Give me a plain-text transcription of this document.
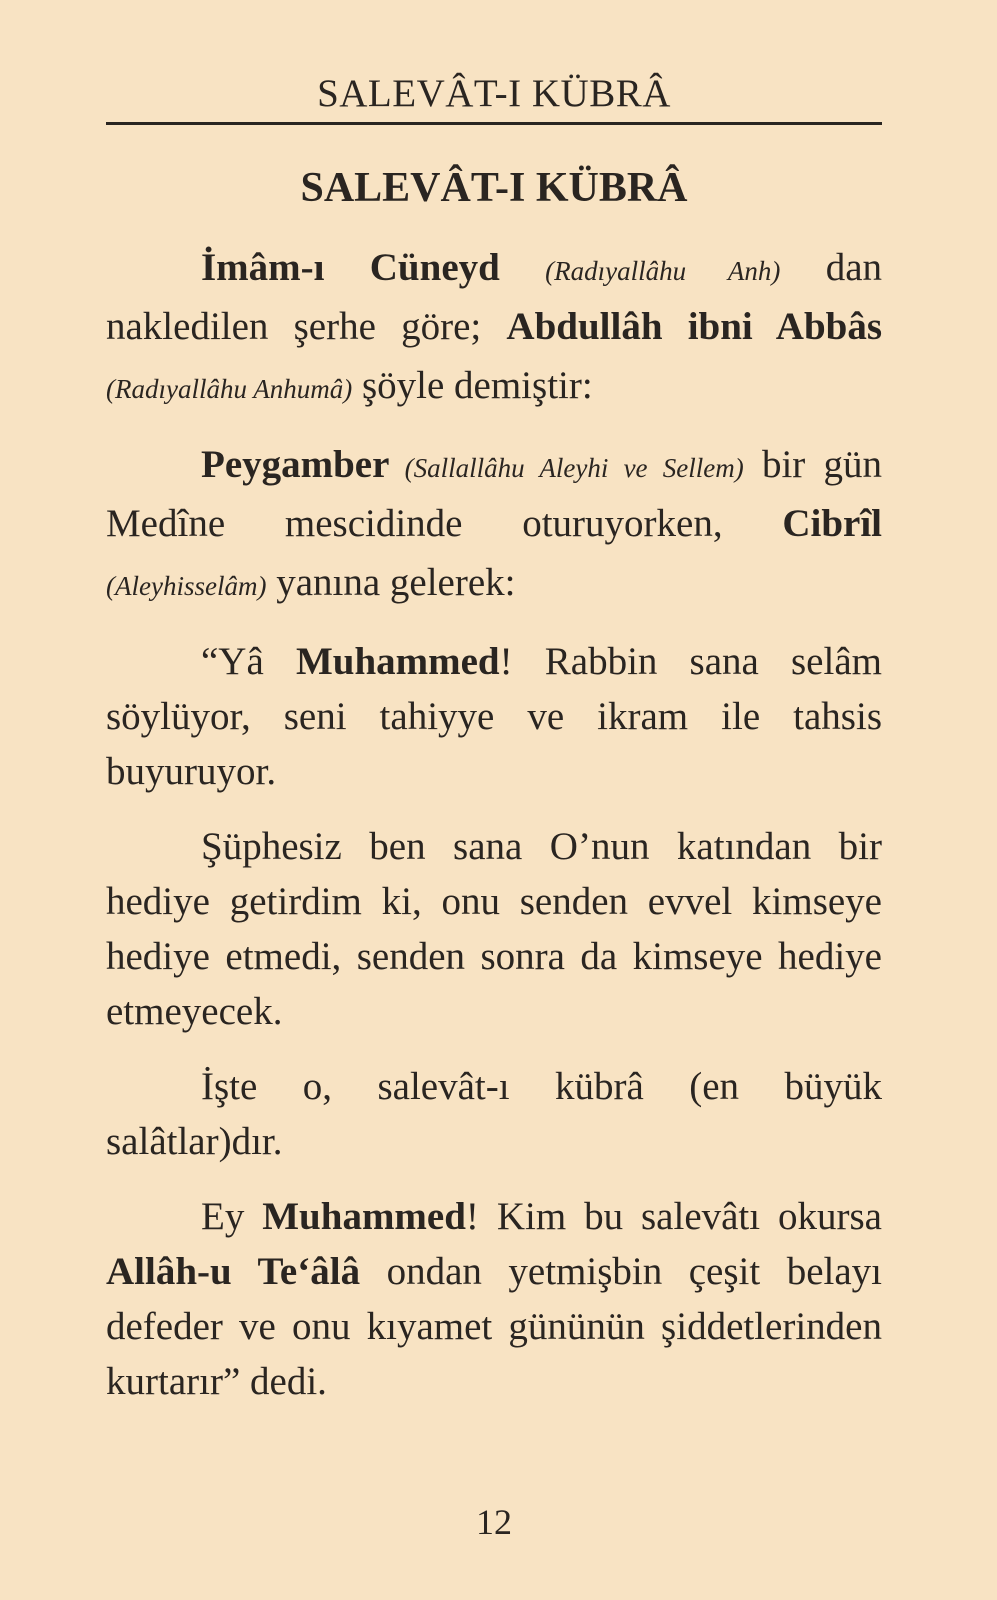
SALEVÂT-I KÜBRÂ
SALEVÂT-I KÜBRÂ

İmâm-ı Cüneyd (Radıyallâhu Anh) dan nakledilen şerhe göre; Abdullâh ibni Abbâs (Radıyallâhu Anhumâ) şöyle demiştir:

Peygamber (Sallallâhu Aleyhi ve Sellem) bir gün Medîne mescidinde oturuyorken, Cibrîl (Aleyhisselâm) yanına gelerek:

“Yâ Muhammed! Rabbin sana selâm söylüyor, seni tahiyye ve ikram ile tahsis buyuruyor.

Şüphesiz ben sana O’nun katından bir hediye getirdim ki, onu senden evvel kimseye hediye etmedi, senden sonra da kimseye hediye etmeyecek.

İşte o, salevât-ı kübrâ (en büyük salâtlar)dır.

Ey Muhammed! Kim bu salevâtı okursa Allâh-u Te‘âlâ ondan yetmişbin çeşit belayı defeder ve onu kıyamet gününün şiddetlerinden kurtarır” dedi.

12
